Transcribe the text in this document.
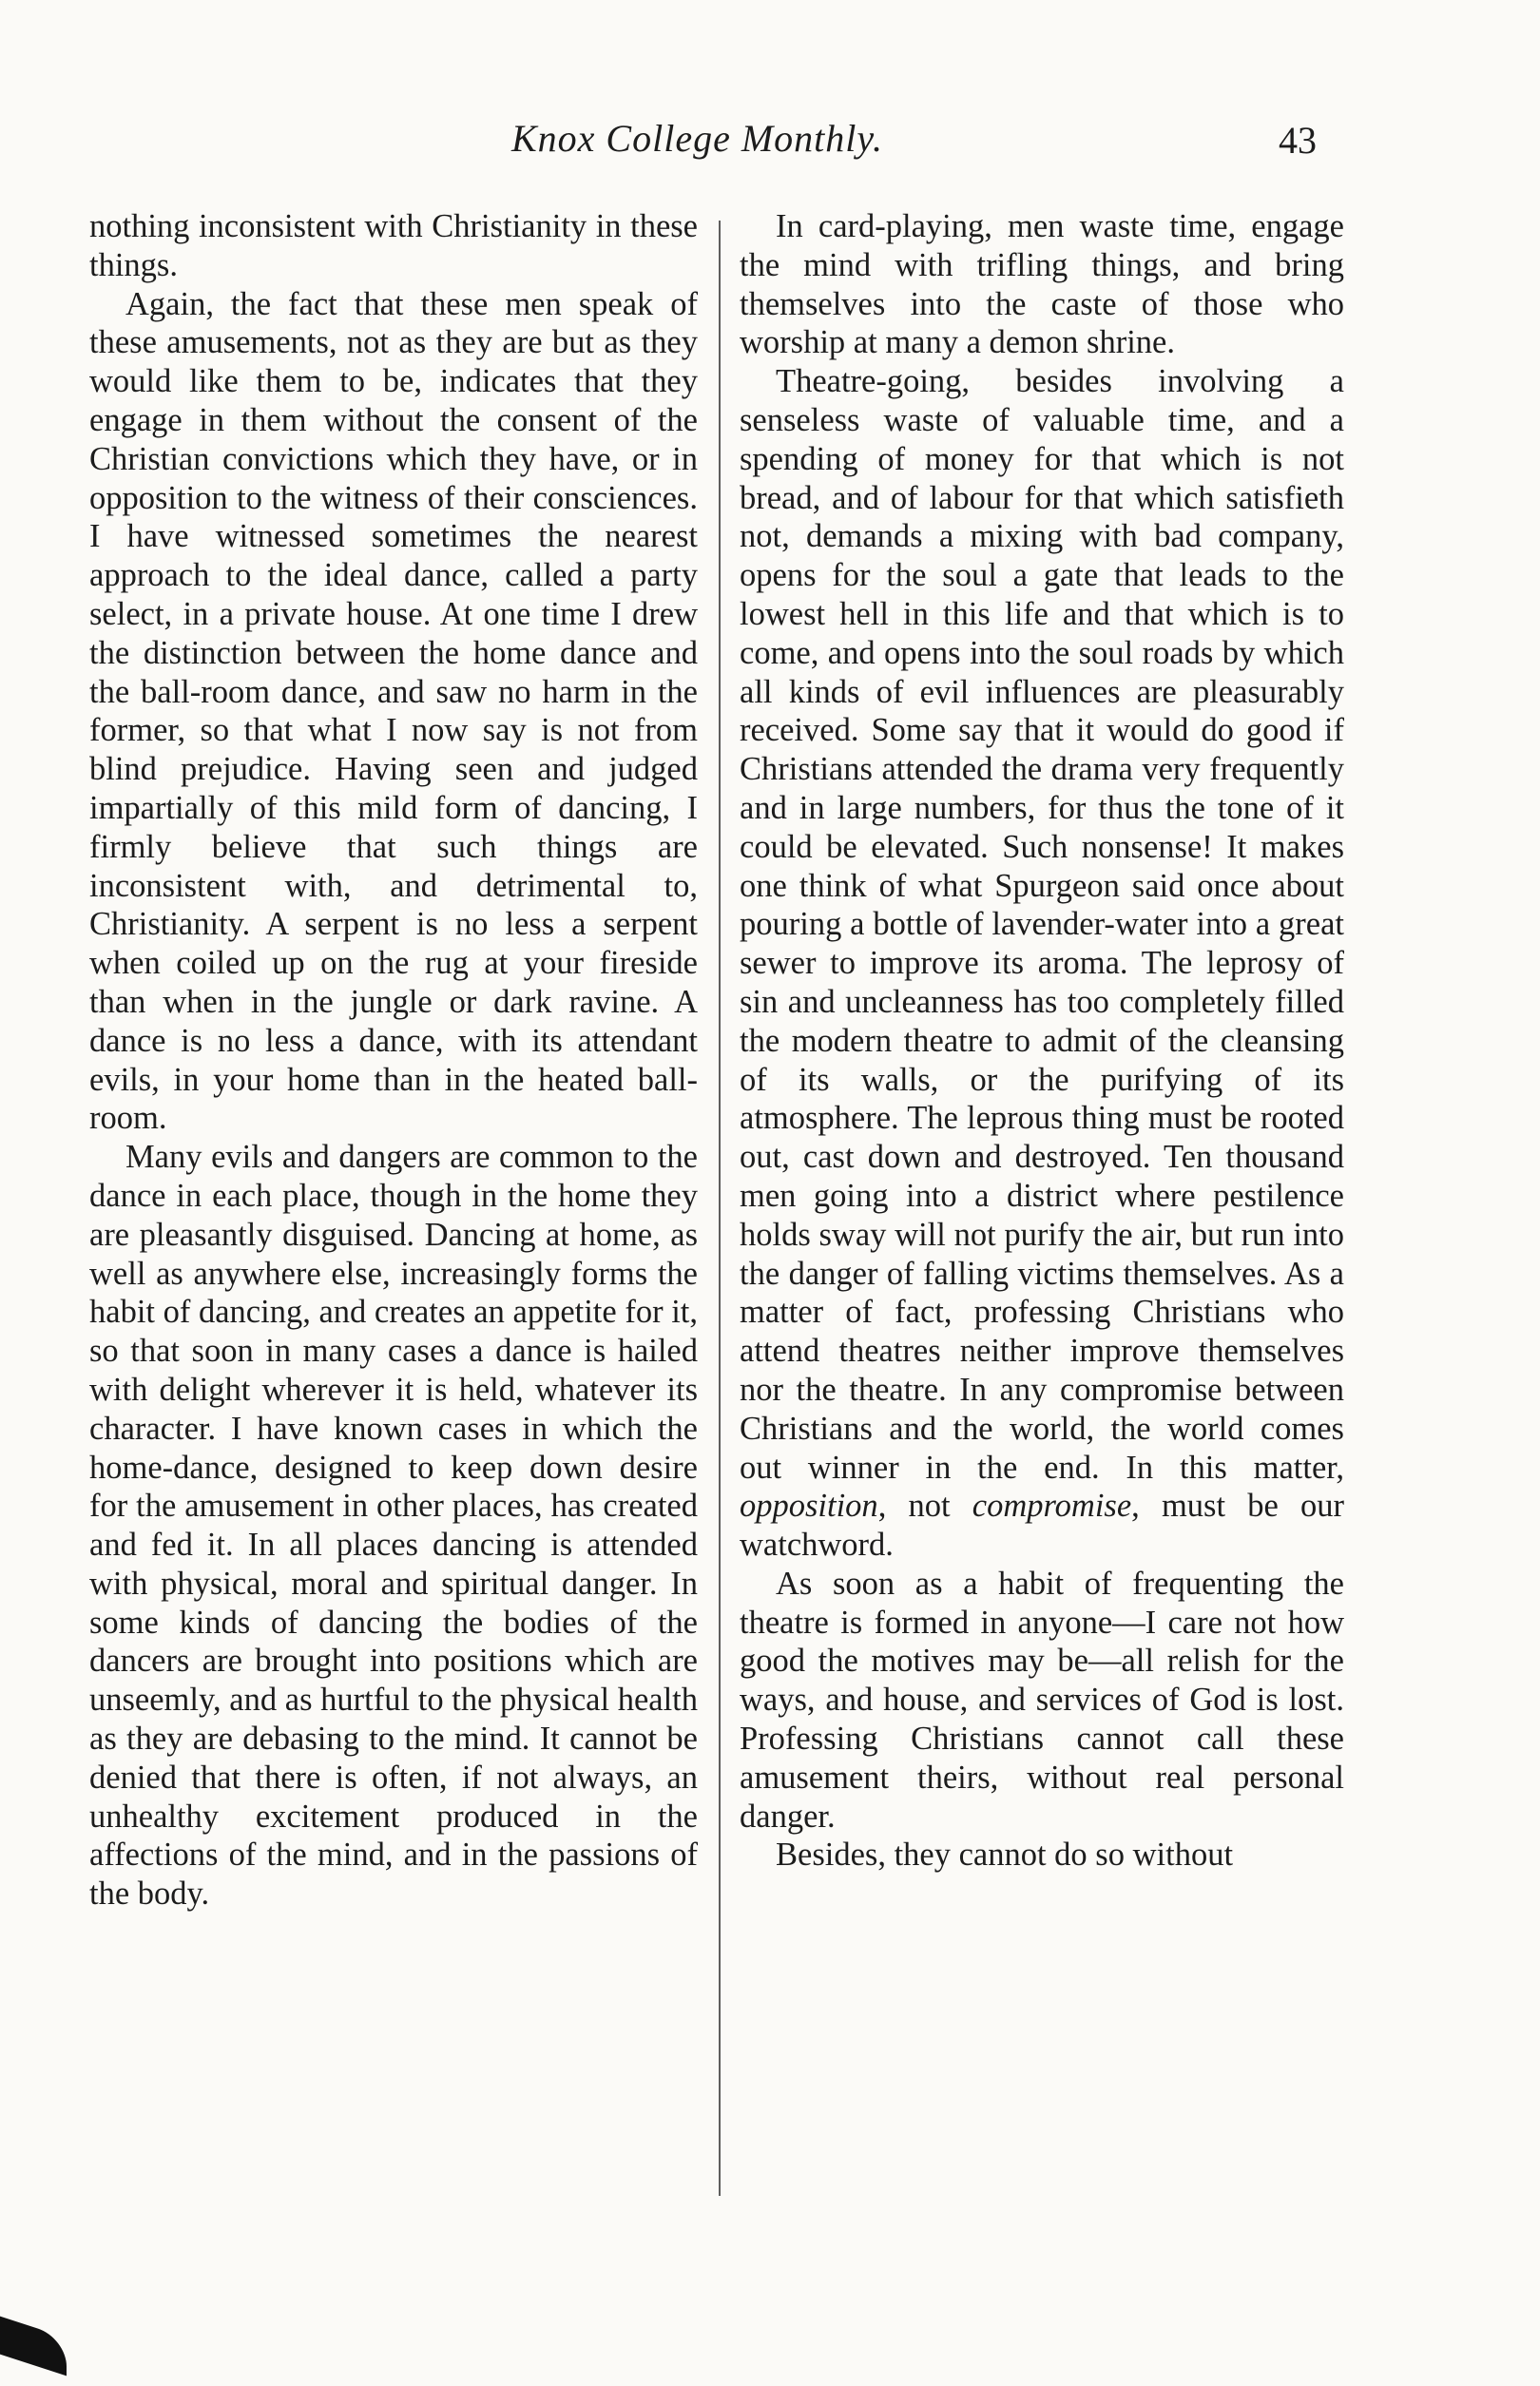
Knox College Monthly.	43

nothing inconsistent with Christianity in these things.

Again, the fact that these men speak of these amusements, not as they are but as they would like them to be, indicates that they engage in them without the consent of the Christian convictions which they have, or in opposition to the witness of their consciences. I have witnessed sometimes the nearest approach to the ideal dance, called a party select, in a private house. At one time I drew the distinction between the home dance and the ball-room dance, and saw no harm in the former, so that what I now say is not from blind prejudice. Having seen and judged impartially of this mild form of dancing, I firmly believe that such things are inconsistent with, and detrimental to, Christianity. A serpent is no less a serpent when coiled up on the rug at your fireside than when in the jungle or dark ravine. A dance is no less a dance, with its attendant evils, in your home than in the heated ball-room.

Many evils and dangers are common to the dance in each place, though in the home they are pleasantly disguised. Dancing at home, as well as anywhere else, increasingly forms the habit of dancing, and creates an appetite for it, so that soon in many cases a dance is hailed with delight wherever it is held, whatever its character. I have known cases in which the home-dance, designed to keep down desire for the amusement in other places, has created and fed it. In all places dancing is attended with physical, moral and spiritual danger. In some kinds of dancing the bodies of the dancers are brought into positions which are unseemly, and as hurtful to the physical health as they are debasing to the mind. It cannot be denied that there is often, if not always, an unhealthy excitement produced in the affections of the mind, and in the passions of the body.

In card-playing, men waste time, engage the mind with trifling things, and bring themselves into the caste of those who worship at many a demon shrine.

Theatre-going, besides involving a senseless waste of valuable time, and a spending of money for that which is not bread, and of labour for that which satisfieth not, demands a mixing with bad company, opens for the soul a gate that leads to the lowest hell in this life and that which is to come, and opens into the soul roads by which all kinds of evil influences are pleasurably received. Some say that it would do good if Christians attended the drama very frequently and in large numbers, for thus the tone of it could be elevated. Such nonsense! It makes one think of what Spurgeon said once about pouring a bottle of lavender-water into a great sewer to improve its aroma. The leprosy of sin and uncleanness has too completely filled the modern theatre to admit of the cleansing of its walls, or the purifying of its atmosphere. The leprous thing must be rooted out, cast down and destroyed. Ten thousand men going into a district where pestilence holds sway will not purify the air, but run into the danger of falling victims themselves. As a matter of fact, professing Christians who attend theatres neither improve themselves nor the theatre. In any compromise between Christians and the world, the world comes out winner in the end. In this matter, opposition, not compromise, must be our watchword.

As soon as a habit of frequenting the theatre is formed in anyone—I care not how good the motives may be—all relish for the ways, and house, and services of God is lost. Professing Christians cannot call these amusement theirs, without real personal danger.

Besides, they cannot do so without
